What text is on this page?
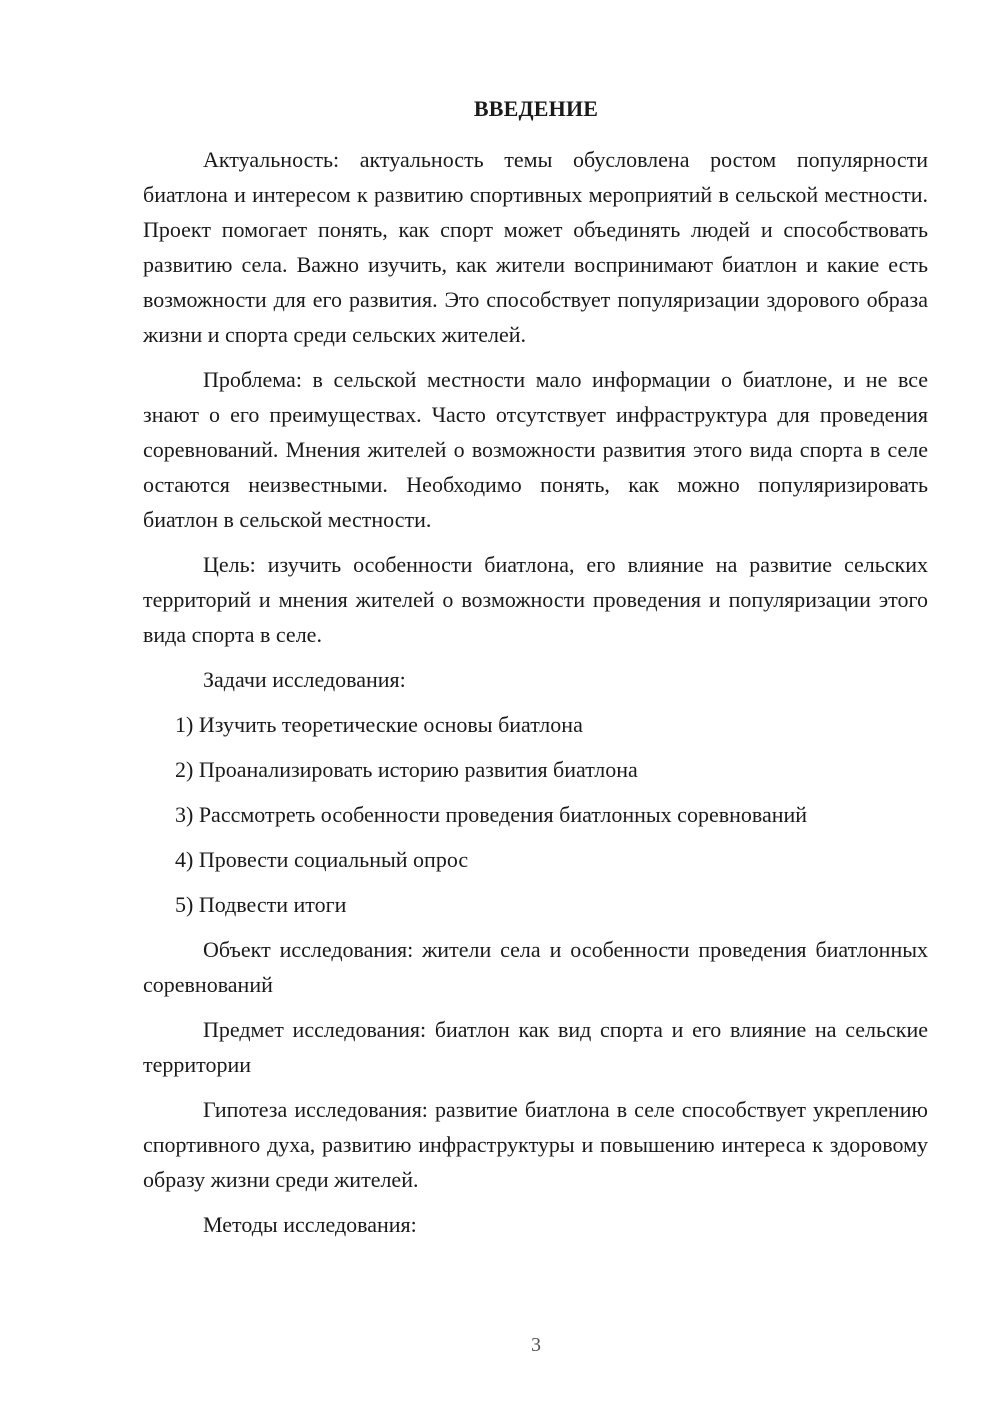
ВВЕДЕНИЕ

Актуальность: актуальность темы обусловлена ростом популярности биатлона и интересом к развитию спортивных мероприятий в сельской местности. Проект помогает понять, как спорт может объединять людей и способствовать развитию села. Важно изучить, как жители воспринимают биатлон и какие есть возможности для его развития. Это способствует популяризации здорового образа жизни и спорта среди сельских жителей.

Проблема: в сельской местности мало информации о биатлоне, и не все знают о его преимуществах. Часто отсутствует инфраструктура для проведения соревнований. Мнения жителей о возможности развития этого вида спорта в селе остаются неизвестными. Необходимо понять, как можно популяризировать биатлон в сельской местности.

Цель: изучить особенности биатлона, его влияние на развитие сельских территорий и мнения жителей о возможности проведения и популяризации этого вида спорта в селе.

Задачи исследования:

1) Изучить теоретические основы биатлона

2) Проанализировать историю развития биатлона

3) Рассмотреть особенности проведения биатлонных соревнований

4) Провести социальный опрос

5) Подвести итоги

Объект исследования: жители села и особенности проведения биатлонных соревнований

Предмет исследования: биатлон как вид спорта и его влияние на сельские территории

Гипотеза исследования: развитие биатлона в селе способствует укреплению спортивного духа, развитию инфраструктуры и повышению интереса к здоровому образу жизни среди жителей.

Методы исследования:

3
